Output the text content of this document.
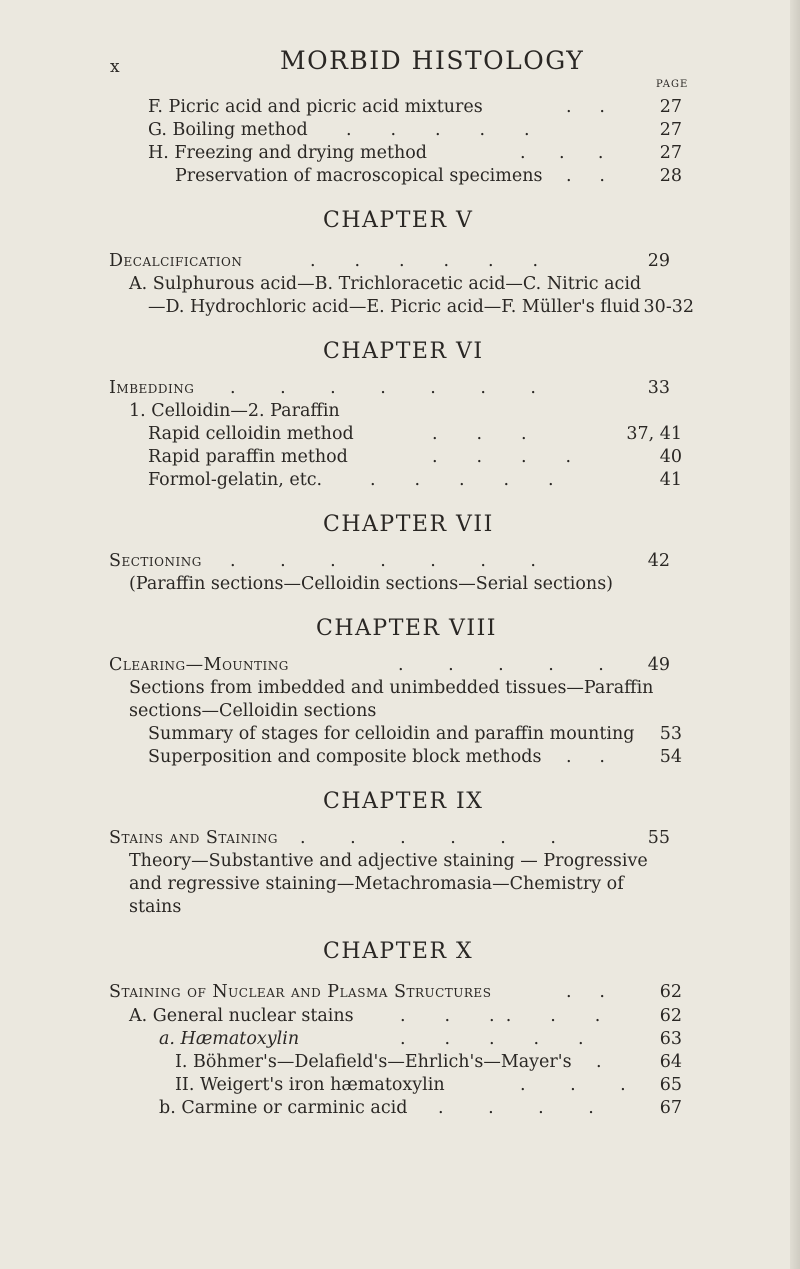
x	MORBID HISTOLOGY
PAGE
F. Picric acid and picric acid mixtures	.     .	27
G. Boiling method .       .       .       .       .	27
H. Freezing and drying method	.      .      .	27
Preservation of macroscopical specimens .     .	28
CHAPTER V
Decalcification	.       .       .       .       .       .	29
A. Sulphurous acid—B. Trichloracetic acid—C. Nitric acid
—D. Hydrochloric acid—E. Picric acid—F. Müller's fluid 30-32
CHAPTER VI
Imbedding .        .        .        .        .        .        .	33
1. Celloidin—2. Paraffin
Rapid celloidin method	.       .       .	37, 41
Rapid paraffin method	.       .       .       .	40
Formol-gelatin, etc.	.       .       .       .       .	41
CHAPTER VII
Sectioning .        .        .        .        .        .        .	42
(Paraffin sections—Celloidin sections—Serial sections)
CHAPTER VIII
Clearing—Mounting	.        .        .        .        .	49
Sections from imbedded and unimbedded tissues—Paraffin
sections—Celloidin sections
Summary of stages for celloidin and paraffin mounting	53
Superposition and composite block methods .     .	54
CHAPTER IX
Stains and Staining .        .        .        .        .        .	55
Theory—Substantive and adjective staining — Progressive
and regressive staining—Metachromasia—Chemistry of
stains
CHAPTER X
Staining of Nuclear and Plasma Structures	.     .	62
A. General nuclear stains	.       .       .  .       .       .	62
a. Hæmatoxylin	.       .       .       .       .	63
I. Böhmer's—Delafield's—Ehrlich's—Mayer's .	64
II. Weigert's iron hæmatoxylin	.        .        .	65
b. Carmine or carminic acid .        .        .        .	67
